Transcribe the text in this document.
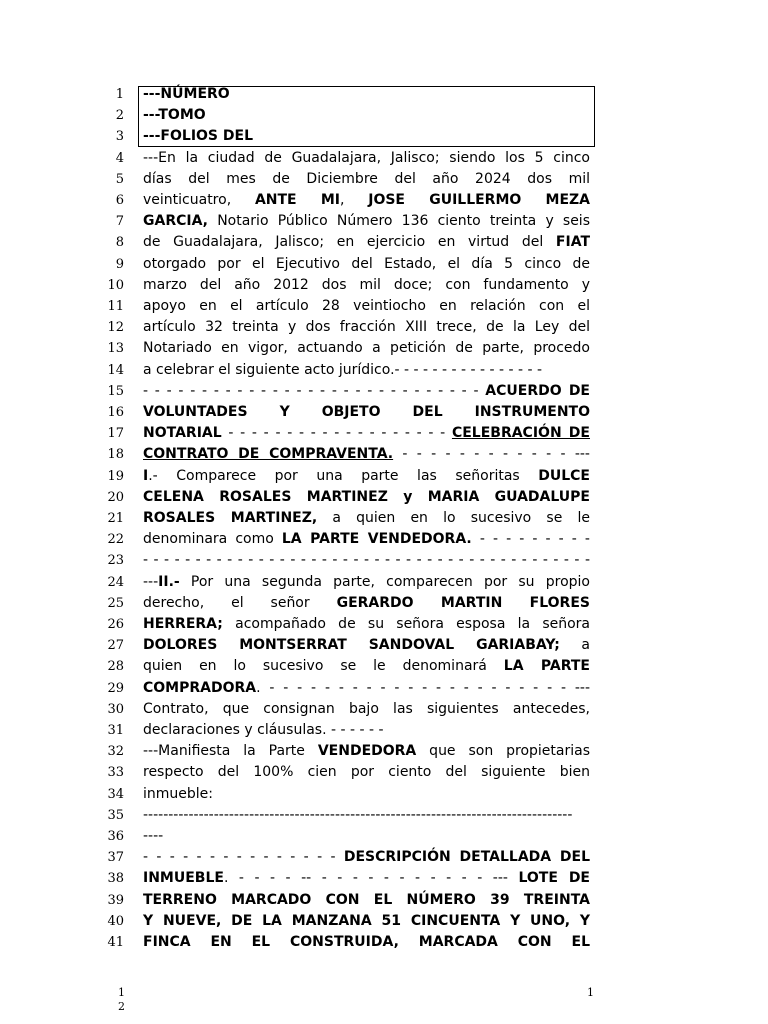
1
2
3
4
5
6
7
8
9
10
11
12
13
14
15
16
17
18
19
20
21
22
23
24
25
26
27
28
29
30
31
32
33
34
35
36
37
38
39
40
41
---NÚMERO
---TOMO
---FOLIOS DEL
---En la ciudad de Guadalajara, Jalisco; siendo los 5 cinco
días del mes de Diciembre del año 2024 dos mil
veinticuatro, ANTE MI, JOSE GUILLERMO MEZA
GARCIA, Notario Público Número 136 ciento treinta y seis
de Guadalajara, Jalisco; en ejercicio en virtud del FIAT
otorgado por el Ejecutivo del Estado, el día 5 cinco de
marzo del año 2012 dos mil doce; con fundamento y
apoyo en el artículo 28 veintiocho en relación con el
artículo 32 treinta y dos fracción XIII trece, de la Ley del
Notariado en vigor, actuando a petición de parte, procedo
a celebrar el siguiente acto jurídico.- - - - - - - - - - - - - - - -
- - - - - - - - - - - - - - - - - - - - - - - - - - - - - ACUERDO DE
VOLUNTADES Y OBJETO DEL INSTRUMENTO
NOTARIAL - - - - - - - - - - - - - - - - - - - CELEBRACIÓN DE
CONTRATO DE COMPRAVENTA. - - - - - - - - - - - - ---
I.- Comparece por una parte las señoritas DULCE
CELENA ROSALES MARTINEZ y MARIA GUADALUPE
ROSALES MARTINEZ, a quien en lo sucesivo se le
denominara como LA PARTE VENDEDORA. - - - - - - - - -
- - - - - - - - - - - - - - - - - - - - - - - - - - - - - - - - - - - - - - - - - - -
---II.- Por una segunda parte, comparecen por su propio
derecho, el señor GERARDO MARTIN FLORES
HERRERA; acompañado de su señora esposa la señora
DOLORES MONTSERRAT SANDOVAL GARIABAY; a
quien en lo sucesivo se le denominará LA PARTE
COMPRADORA. - - - - - - - - - - - - - - - - - - - - - - ---
Contrato, que consignan bajo las siguientes antecedes,
declaraciones y cláusulas. - - - - - -
---Manifiesta la Parte VENDEDORA que son propietarias
respecto del 100% cien por ciento del siguiente bien
inmueble:
-------------------------------------------------------------------------------------
----
- - - - - - - - - - - - - - - DESCRIPCIÓN DETALLADA DEL
INMUEBLE. - - - - -- - - - - - - - - - - - --- LOTE DE
TERRENO MARCADO CON EL NÚMERO 39 TREINTA
Y NUEVE, DE LA MANZANA 51 CINCUENTA Y UNO, Y
FINCA EN EL CONSTRUIDA, MARCADA CON EL
1
2
1
